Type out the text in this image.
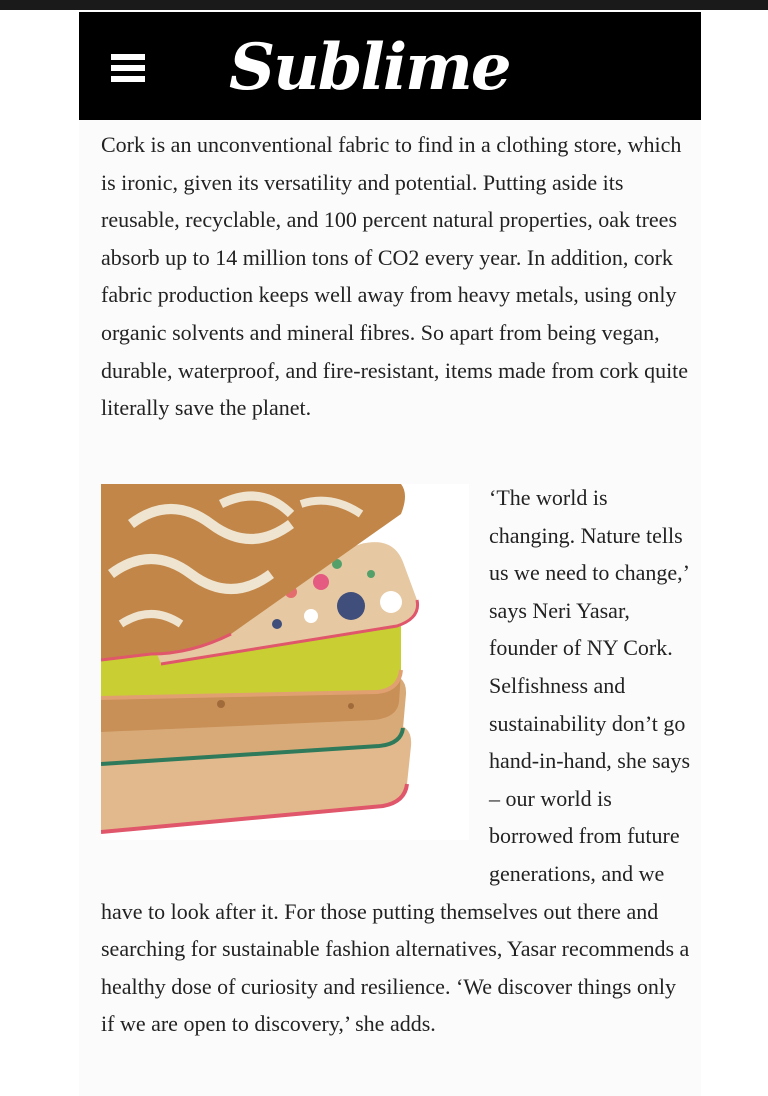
Sublime

Cork is an unconventional fabric to find in a clothing store, which is ironic, given its versatility and potential. Putting aside its reusable, recyclable, and 100 percent natural properties, oak trees absorb up to 14 million tons of CO2 every year. In addition, cork fabric production keeps well away from heavy metals, using only organic solvents and mineral fibres. So apart from being vegan, durable, waterproof, and fire-resistant, items made from cork quite literally save the planet.

‘The world is changing. Nature tells us we need to change,’ says Neri Yasar, founder of NY Cork. Selfishness and sustainability don’t go hand-in-hand, she says – our world is borrowed from future generations, and we have to look after it. For those putting themselves out there and searching for sustainable fashion alternatives, Yasar recommends a healthy dose of curiosity and resilience. ‘We discover things only if we are open to discovery,’ she adds.
